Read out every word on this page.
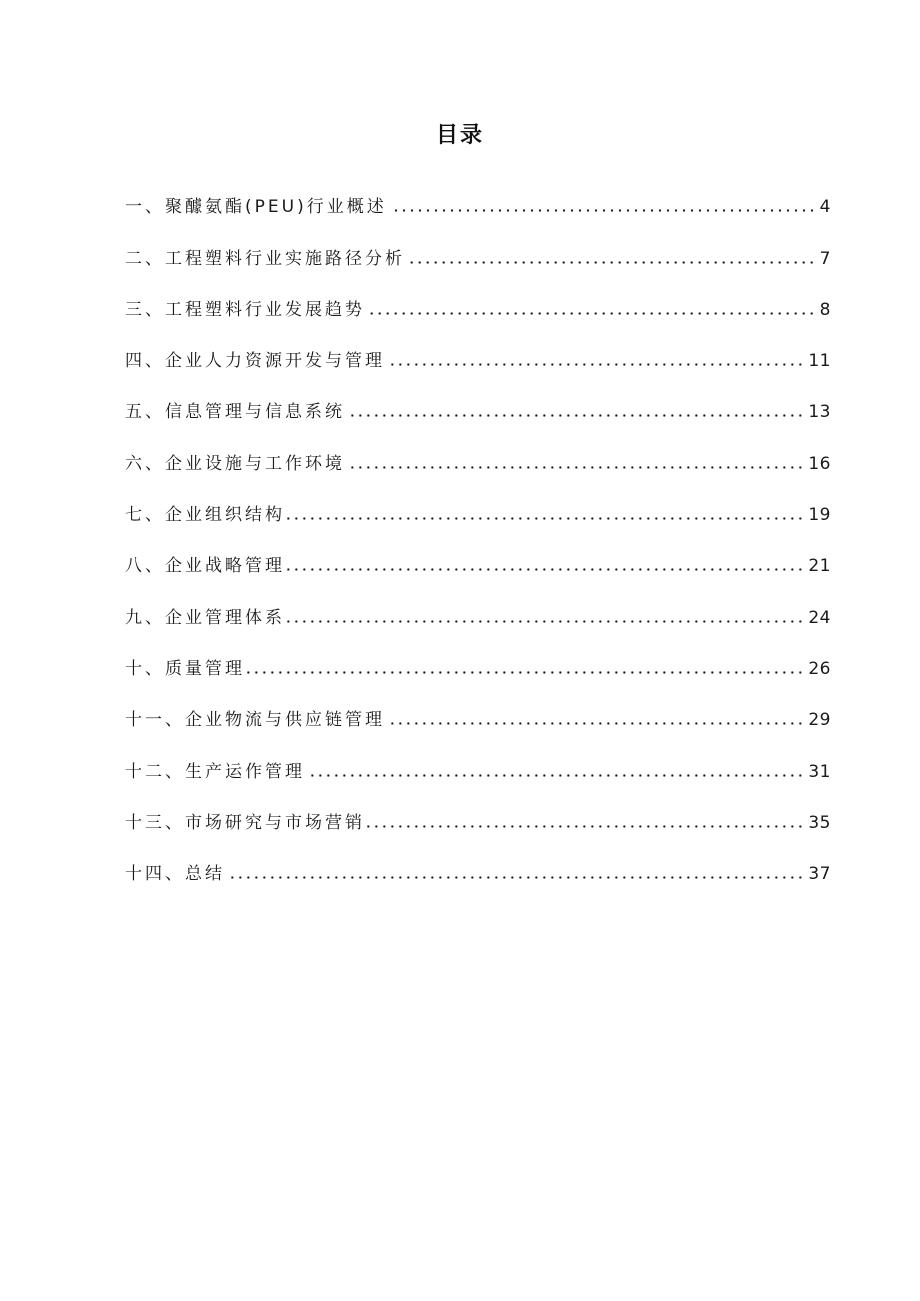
目录
一、聚醵氨酯(PEU)行业概述	4
二、工程塑料行业实施路径分析	7
三、工程塑料行业发展趋势	8
四、企业人力资源开发与管理	11
五、信息管理与信息系统	13
六、企业设施与工作环境	16
七、企业组织结构	19
八、企业战略管理	21
九、企业管理体系	24
十、质量管理	26
十一、企业物流与供应链管理	29
十二、生产运作管理	31
十三、市场研究与市场营销	35
十四、总结	37
